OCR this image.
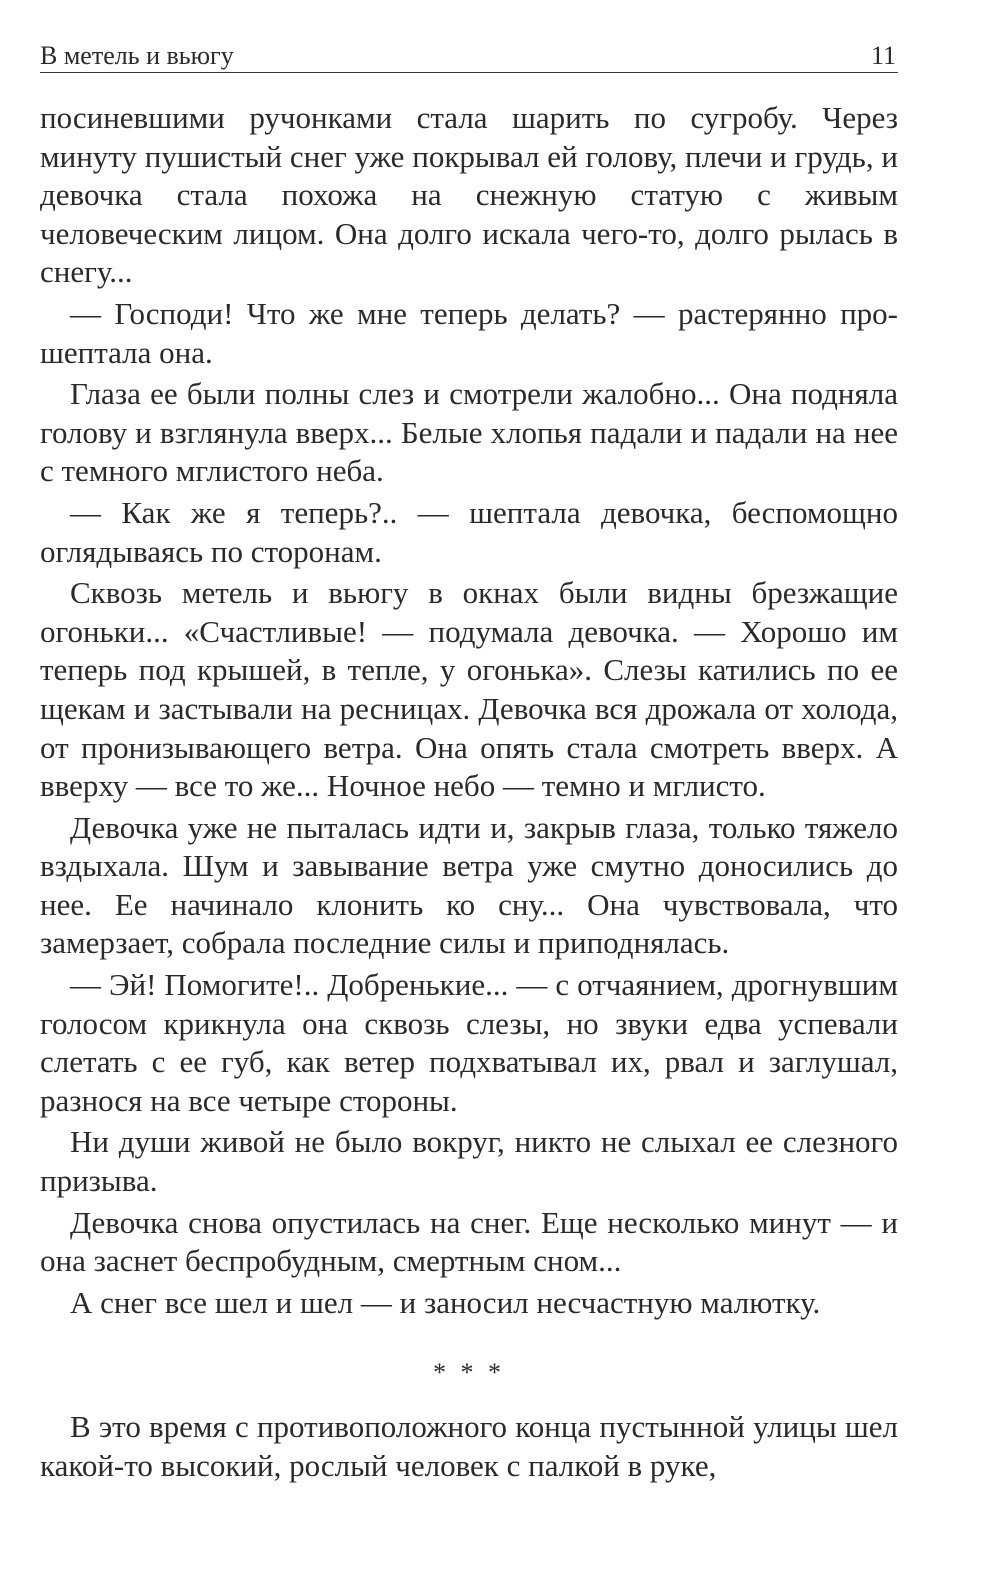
В метель и вьюгу	11

посиневшими ручонками стала шарить по сугробу. Через минуту пушистый снег уже покрывал ей голову, плечи и грудь, и девочка стала похожа на снежную статую с живым человеческим лицом. Она долго искала чего-то, долго рылась в снегу...

— Господи! Что же мне теперь делать? — растерянно прошептала она.

Глаза ее были полны слез и смотрели жалобно... Она подняла голову и взглянула вверх... Белые хлопья падали и падали на нее с темного мглистого неба.

— Как же я теперь?.. — шептала девочка, беспомощно оглядываясь по сторонам.

Сквозь метель и вьюгу в окнах были видны брезжащие огоньки... «Счастливые! — подумала девочка. — Хорошо им теперь под крышей, в тепле, у огонька». Слезы катились по ее щекам и застывали на ресницах. Девочка вся дрожала от холода, от пронизывающего ветра. Она опять стала смотреть вверх. А вверху — все то же... Ночное небо — темно и мглисто.

Девочка уже не пыталась идти и, закрыв глаза, только тяжело вздыхала. Шум и завывание ветра уже смутно доносились до нее. Ее начинало клонить ко сну... Она чувствовала, что замерзает, собрала последние силы и приподнялась.

— Эй! Помогите!.. Добренькие... — с отчаянием, дрогнувшим голосом крикнула она сквозь слезы, но звуки едва успевали слетать с ее губ, как ветер подхватывал их, рвал и заглушал, разнося на все четыре стороны.

Ни души живой не было вокруг, никто не слыхал ее слезного призыва.

Девочка снова опустилась на снег. Еще несколько минут — и она заснет беспробудным, смертным сном...

А снег все шел и шел — и заносил несчастную малютку.

* * *

В это время с противоположного конца пустынной улицы шел какой-то высокий, рослый человек с палкой в руке,
